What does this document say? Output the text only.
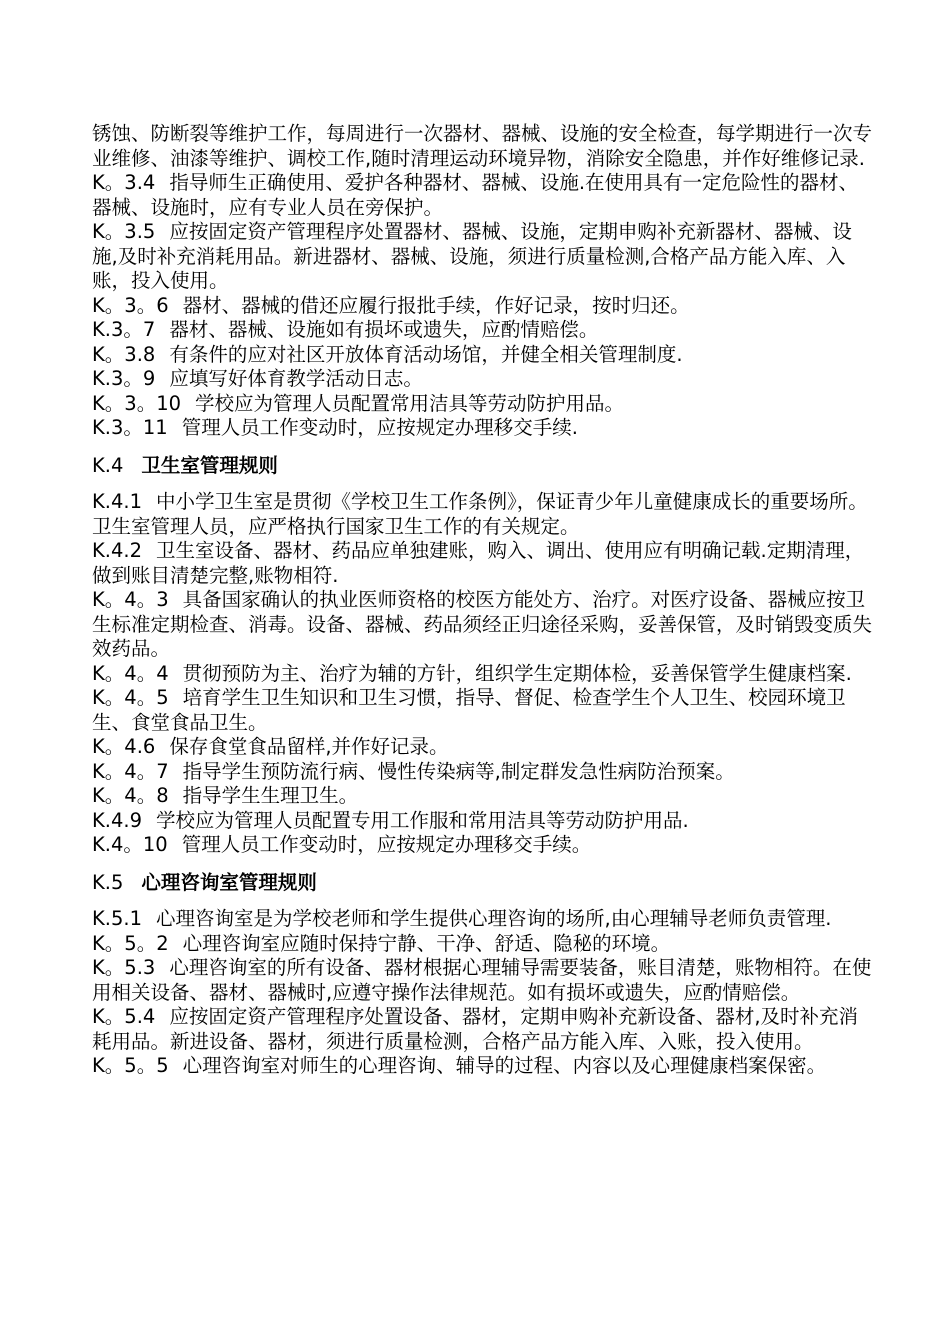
锈蚀、防断裂等维护工作，每周进行一次器材、器械、设施的安全检查，每学期进行一次专业维修、油漆等维护、调校工作,随时清理运动环境异物，消除安全隐患，并作好维修记录.
K。3.4 指导师生正确使用、爱护各种器材、器械、设施.在使用具有一定危险性的器材、器械、设施时，应有专业人员在旁保护。
K。3.5 应按固定资产管理程序处置器材、器械、设施，定期申购补充新器材、器械、设施,及时补充消耗用品。新进器材、器械、设施，须进行质量检测,合格产品方能入库、入账，投入使用。
K。3。6 器材、器械的借还应履行报批手续，作好记录，按时归还。
K.3。7 器材、器械、设施如有损坏或遗失，应酌情赔偿。
K。3.8 有条件的应对社区开放体育活动场馆，并健全相关管理制度.
K.3。9 应填写好体育教学活动日志。
K。3。10 学校应为管理人员配置常用洁具等劳动防护用品。
K.3。11 管理人员工作变动时，应按规定办理移交手续.
K.4 卫生室管理规则
K.4.1 中小学卫生室是贯彻《学校卫生工作条例》，保证青少年儿童健康成长的重要场所。卫生室管理人员，应严格执行国家卫生工作的有关规定。
K.4.2 卫生室设备、器材、药品应单独建账，购入、调出、使用应有明确记载.定期清理，做到账目清楚完整,账物相符.
K。4。3 具备国家确认的执业医师资格的校医方能处方、治疗。对医疗设备、器械应按卫生标准定期检查、消毒。设备、器械、药品须经正归途径采购，妥善保管，及时销毁变质失效药品。
K。4。4 贯彻预防为主、治疗为辅的方针，组织学生定期体检，妥善保管学生健康档案.
K。4。5 培育学生卫生知识和卫生习惯，指导、督促、检查学生个人卫生、校园环境卫生、食堂食品卫生。
K。4.6 保存食堂食品留样,并作好记录。
K。4。7 指导学生预防流行病、慢性传染病等,制定群发急性病防治预案。
K。4。8 指导学生生理卫生。
K.4.9 学校应为管理人员配置专用工作服和常用洁具等劳动防护用品.
K.4。10 管理人员工作变动时，应按规定办理移交手续。
K.5 心理咨询室管理规则
K.5.1 心理咨询室是为学校老师和学生提供心理咨询的场所,由心理辅导老师负责管理.
K。5。2 心理咨询室应随时保持宁静、干净、舒适、隐秘的环境。
K。5.3 心理咨询室的所有设备、器材根据心理辅导需要装备，账目清楚，账物相符。在使用相关设备、器材、器械时,应遵守操作法律规范。如有损坏或遗失，应酌情赔偿。
K。5.4 应按固定资产管理程序处置设备、器材，定期申购补充新设备、器材,及时补充消耗用品。新进设备、器材，须进行质量检测，合格产品方能入库、入账，投入使用。
K。5。5 心理咨询室对师生的心理咨询、辅导的过程、内容以及心理健康档案保密。
